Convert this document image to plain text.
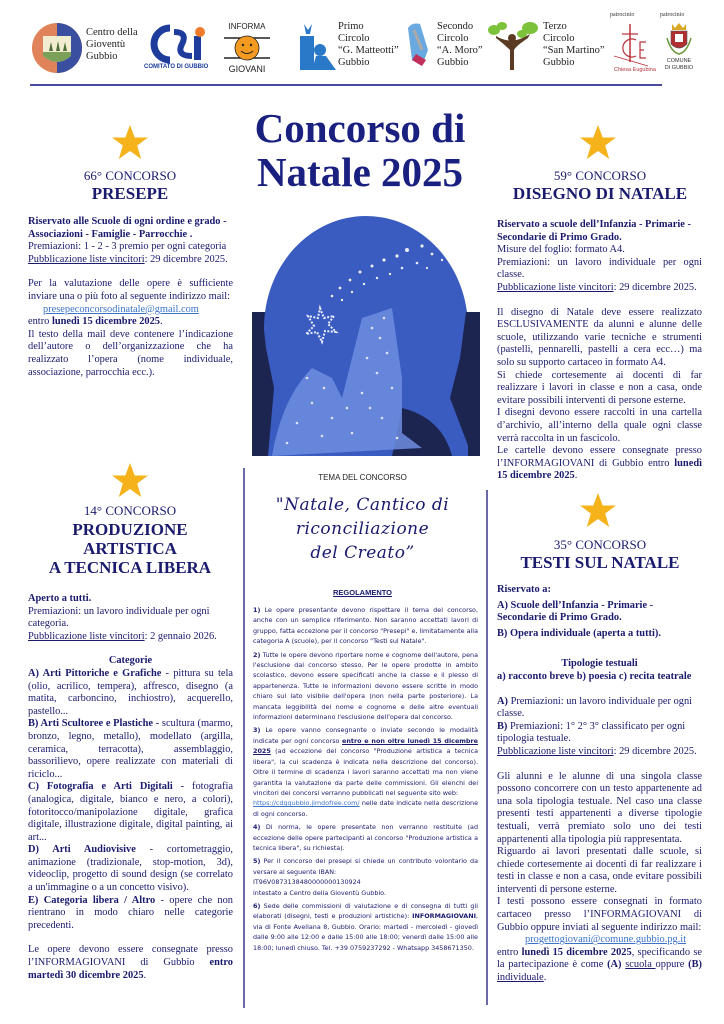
Centro della
Gioventù
Gubbio
COMITATO DI GUBBIO
INFORMA
GIOVANI
Primo
Circolo
“G. Matteotti”
Gubbio
Secondo
Circolo
“A. Moro”
Gubbio
Terzo
Circolo
“San Martino”
Gubbio
patrocinio
Chiesa Eugubina
patrocinio
COMUNE
DI GUBBIO
Concorso di
Natale 2025
66° CONCORSO
PRESEPE

Riservato alle Scuole di ogni ordine e grado - Associazioni - Famiglie - Parrocchie .

Premiazioni: 1 - 2 - 3 premio per ogni categoria

Pubblicazione liste vincitori: 29 dicembre 2025.

Per la valutazione delle opere è sufficiente inviare una o più foto al seguente indirizzo mail:

presepeconcorsodinatale@gmail.com

entro lunedì 15 dicembre 2025.

Il testo della mail deve contenere l’indicazione dell’autore o dell’organizzazione che ha realizzato l’opera (nome individuale, associazione, parrocchia ecc.).

59° CONCORSO
DISEGNO DI NATALE

Riservato a scuole dell’Infanzia - Primarie - Secondarie di Primo Grado.

Misure del foglio: formato A4.

Premiazioni: un lavoro individuale per ogni classe.

Pubblicazione liste vincitori: 29 dicembre 2025.

Il disegno di Natale deve essere realizzato ESCLUSIVAMENTE da alunni e alunne delle scuole, utilizzando varie tecniche e strumenti (pastelli, pennarelli, pastelli a cera ecc…) ma solo su supporto cartaceo in formato A4.

Si chiede cortesemente ai docenti di far realizzare i lavori in classe e non a casa, onde evitare possibili interventi di persone esterne.

I disegni devono essere raccolti in una cartella d’archivio, all’interno della quale ogni classe verrà raccolta in un fascicolo.

Le cartelle devono essere consegnate presso l’INFORMAGIOVANI di Gubbio entro lunedì 15 dicembre 2025.

14° CONCORSO
PRODUZIONE
ARTISTICA
A TECNICA LIBERA

Aperto a tutti.

Premiazioni: un lavoro individuale per ogni categoria.

Pubblicazione liste vincitori: 2 gennaio 2026.

Categorie

A) Arti Pittoriche e Grafiche - pittura su tela (olio, acrilico, tempera), affresco, disegno (a matita, carboncino, inchiostro), acquerello, pastello...

B) Arti Scultoree e Plastiche - scultura (marmo, bronzo, legno, metallo), modellato (argilla, ceramica, terracotta), assemblaggio, bassorilievo, opere realizzate con materiali di riciclo...

C) Fotografia e Arti Digitali - fotografia (analogica, digitale, bianco e nero, a colori), fotoritocco/manipolazione digitale, grafica digitale, illustrazione digitale, digital painting, ai art...

D) Arti Audiovisive - cortometraggio, animazione (tradizionale, stop-motion, 3d), videoclip, progetto di sound design (se correlato a un'immagine o a un concetto visivo).

E) Categoria libera / Altro - opere che non rientrano in modo chiaro nelle categorie precedenti.

Le opere devono essere consegnate presso l’INFORMAGIOVANI di Gubbio entro martedì 30 dicembre 2025.

TEMA DEL CONCORSO
"Natale, Cantico di
riconciliazione
del Creato”
REGOLAMENTO

1) Le opere presentante devono rispettare il tema del concorso, anche con un semplice riferimento. Non saranno accettati lavori di gruppo, fatta eccezione per il concorso "Presepi" e, limitatamente alla categoria A (scuole), per il concorso "Testi sul Natale".

2) Tutte le opere devono riportare nome e cognome dell'autore, pena l'esclusione dal concorso stesso. Per le opere prodotte in ambito scolastico, devono essere specificati anche la classe e il plesso di appartenenza. Tutte le informazioni devono essere scritte in modo chiaro sul lato visibile dell'opera (non nella parte posteriore). La mancata leggibilità del nome e cognome e delle altre eventuali informazioni determinano l'esclusione dell'opera dal concorso.

3) Le opere vanno consegnante o inviate secondo le modalità indicate per ogni concorso entro e non oltre lunedì 15 dicembre 2025 (ad eccezione del concorso "Produzione artistica a tecnica libera", la cui scadenza è indicata nella descrizione del concorso). Oltre il termine di scadenza i lavori saranno accettati ma non viene garantita la valutazione da parte delle commissioni. Gli elenchi dei vincitori dei concorsi verranno pubblicati nel seguente sito web:
https://cdggubbio.jimdofree.com/ nelle date indicate nella descrizione di ogni concorso.

4) Di norma, le opere presentate non verranno restituite (ad eccezione delle opere partecipanti al concorso "Produzione artistica a tecnica libera", su richiesta).

5) Per il concorso dei presepi si chiede un contributo volontario da versare al seguente IBAN:
IT96V0873138480000000130924
intestato a Centro della Gioventù Gubbio.

6) Sede delle commissioni di valutazione e di consegna di tutti gli elaborati (disegni, testi e produzioni artistiche): INFORMAGIOVANI, via di Fonte Avellana 8, Gubbio. Orario: martedì - mercoledì - giovedì dalle 9:00 alle 12:00 e dalle 15:00 alle 18:00; venerdì dalle 15:00 alle 18:00; lunedì chiuso. Tel. +39 0759237292 - Whatsapp 3458671350.

35° CONCORSO
TESTI SUL NATALE

Riservato a:

A) Scuole dell’Infanzia - Primarie - Secondarie di Primo Grado.

B) Opera individuale (aperta a tutti).

Tipologie testuali

a) racconto breve b) poesia c) recita teatrale

A) Premiazioni: un lavoro individuale per ogni classe.

B) Premiazioni: 1° 2° 3° classificato per ogni tipologia testuale.

Pubblicazione liste vincitori: 29 dicembre 2025.

Gli alunni e le alunne di una singola classe possono concorrere con un testo appartenente ad una sola tipologia testuale. Nel caso una classe presenti testi appartenenti a diverse tipologie testuali, verrà premiato solo uno dei testi appartenenti alla tipologia più rappresentata.

Riguardo ai lavori presentati dalle scuole, si chiede cortesemente ai docenti di far realizzare i testi in classe e non a casa, onde evitare possibili interventi di persone esterne.

I testi possono essere consegnati in formato cartaceo presso l’INFORMAGIOVANI di Gubbio oppure inviati al seguente indirizzo mail:

progettogiovani@comune.gubbio.pg.it

entro lunedì 15 dicembre 2025, specificando se la partecipazione è come (A) scuola oppure (B) individuale.
